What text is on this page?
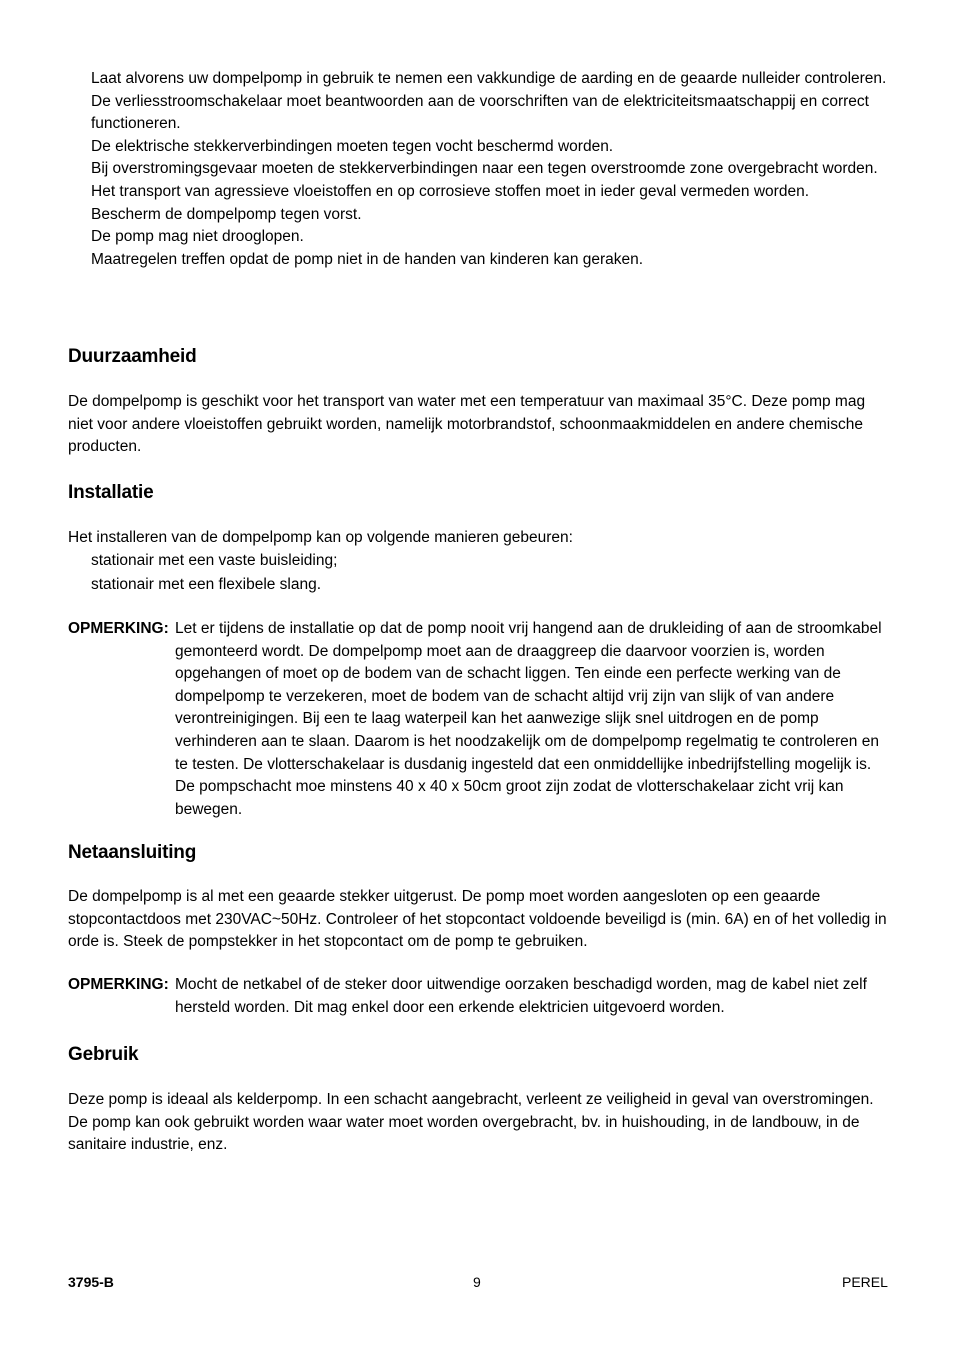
Laat alvorens uw dompelpomp in gebruik te nemen een vakkundige de aarding en de geaarde nulleider controleren.

De verliesstroomschakelaar moet beantwoorden aan de voorschriften van de elektriciteitsmaatschappij en correct functioneren.

De elektrische stekkerverbindingen moeten tegen vocht beschermd worden.

Bij overstromingsgevaar moeten de stekkerverbindingen naar een tegen overstroomde zone overgebracht worden.

Het transport van agressieve vloeistoffen en op corrosieve stoffen moet in ieder geval vermeden worden.

Bescherm de dompelpomp tegen vorst.

De pomp mag niet drooglopen.

Maatregelen treffen opdat de pomp niet in de handen van kinderen kan geraken.

Duurzaamheid

De dompelpomp is geschikt voor het transport van water met een temperatuur van maximaal 35°C. Deze pomp mag niet voor andere vloeistoffen gebruikt worden, namelijk motorbrandstof, schoonmaakmiddelen en andere chemische producten.

Installatie

Het installeren van de dompelpomp kan op volgende manieren gebeuren:

stationair met een vaste buisleiding;

stationair met een flexibele slang.

OPMERKING: Let er tijdens de installatie op dat de pomp nooit vrij hangend aan de drukleiding of aan de stroomkabel gemonteerd wordt. De dompelpomp moet aan de draaggreep die daarvoor voorzien is, worden opgehangen of moet op de bodem van de schacht liggen. Ten einde een perfecte werking van de dompelpomp te verzekeren, moet de bodem van de schacht altijd vrij zijn van slijk of van andere verontreinigingen. Bij een te laag waterpeil kan het aanwezige slijk snel uitdrogen en de pomp verhinderen aan te slaan. Daarom is het noodzakelijk om de dompelpomp regelmatig te controleren en te testen. De vlotterschakelaar is dusdanig ingesteld dat een onmiddellijke inbedrijfstelling mogelijk is. De pompschacht moe minstens 40 x 40 x 50cm groot zijn zodat de vlotterschakelaar zicht vrij kan bewegen.

Netaansluiting

De dompelpomp is al met een geaarde stekker uitgerust. De pomp moet worden aangesloten op een geaarde stopcontactdoos met 230VAC~50Hz. Controleer of het stopcontact voldoende beveiligd is (min. 6A) en of het volledig in orde is. Steek de pompstekker in het stopcontact om de pomp te gebruiken.

OPMERKING: Mocht de netkabel of de steker door uitwendige oorzaken beschadigd worden, mag de kabel niet zelf hersteld worden. Dit mag enkel door een erkende elektricien uitgevoerd worden.

Gebruik

Deze pomp is ideaal als kelderpomp. In een schacht aangebracht, verleent ze veiligheid in geval van overstromingen. De pomp kan ook gebruikt worden waar water moet worden overgebracht, bv. in huishouding, in de landbouw, in de sanitaire industrie, enz.

3795-B	9	PEREL
